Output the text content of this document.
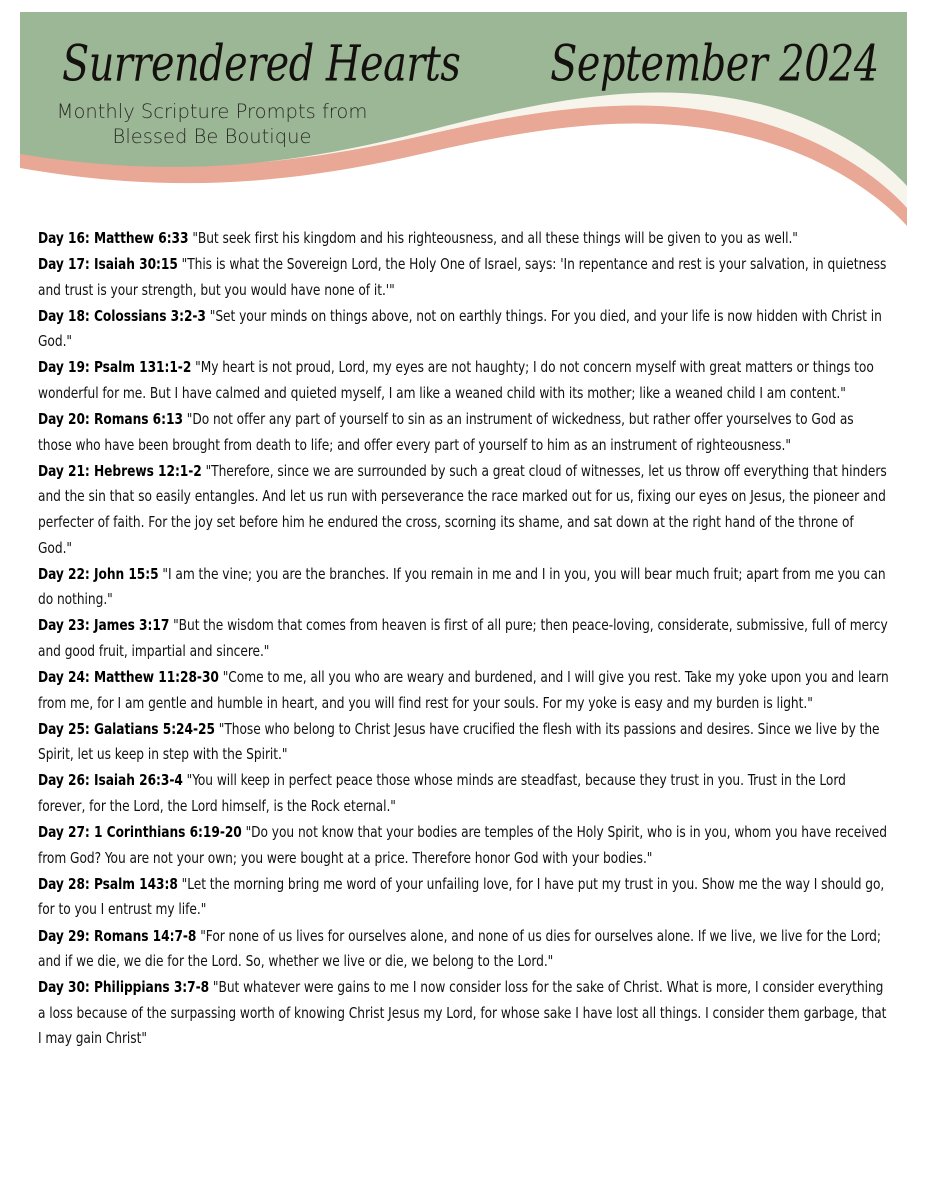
Surrendered Hearts September 2024
Monthly Scripture Prompts from
Blessed Be Boutique

Day 16: Matthew 6:33 "But seek first his kingdom and his righteousness, and all these things will be given to you as well."

Day 17: Isaiah 30:15 "This is what the Sovereign Lord, the Holy One of Israel, says: 'In repentance and rest is your salvation, in quietness and trust is your strength, but you would have none of it.'"

Day 18: Colossians 3:2-3 "Set your minds on things above, not on earthly things. For you died, and your life is now hidden with Christ in God."

Day 19: Psalm 131:1-2 "My heart is not proud, Lord, my eyes are not haughty; I do not concern myself with great matters or things too wonderful for me. But I have calmed and quieted myself, I am like a weaned child with its mother; like a weaned child I am content."

Day 20: Romans 6:13 "Do not offer any part of yourself to sin as an instrument of wickedness, but rather offer yourselves to God as those who have been brought from death to life; and offer every part of yourself to him as an instrument of righteousness."

Day 21: Hebrews 12:1-2 "Therefore, since we are surrounded by such a great cloud of witnesses, let us throw off everything that hinders and the sin that so easily entangles. And let us run with perseverance the race marked out for us, fixing our eyes on Jesus, the pioneer and perfecter of faith. For the joy set before him he endured the cross, scorning its shame, and sat down at the right hand of the throne of God."

Day 22: John 15:5 "I am the vine; you are the branches. If you remain in me and I in you, you will bear much fruit; apart from me you can do nothing."

Day 23: James 3:17 "But the wisdom that comes from heaven is first of all pure; then peace-loving, considerate, submissive, full of mercy and good fruit, impartial and sincere."

Day 24: Matthew 11:28-30 "Come to me, all you who are weary and burdened, and I will give you rest. Take my yoke upon you and learn from me, for I am gentle and humble in heart, and you will find rest for your souls. For my yoke is easy and my burden is light."

Day 25: Galatians 5:24-25 "Those who belong to Christ Jesus have crucified the flesh with its passions and desires. Since we live by the Spirit, let us keep in step with the Spirit."

Day 26: Isaiah 26:3-4 "You will keep in perfect peace those whose minds are steadfast, because they trust in you. Trust in the Lord forever, for the Lord, the Lord himself, is the Rock eternal."

Day 27: 1 Corinthians 6:19-20 "Do you not know that your bodies are temples of the Holy Spirit, who is in you, whom you have received from God? You are not your own; you were bought at a price. Therefore honor God with your bodies."

Day 28: Psalm 143:8 "Let the morning bring me word of your unfailing love, for I have put my trust in you. Show me the way I should go, for to you I entrust my life."

Day 29: Romans 14:7-8 "For none of us lives for ourselves alone, and none of us dies for ourselves alone. If we live, we live for the Lord; and if we die, we die for the Lord. So, whether we live or die, we belong to the Lord."

Day 30: Philippians 3:7-8 "But whatever were gains to me I now consider loss for the sake of Christ. What is more, I consider everything a loss because of the surpassing worth of knowing Christ Jesus my Lord, for whose sake I have lost all things. I consider them garbage, that I may gain Christ"
